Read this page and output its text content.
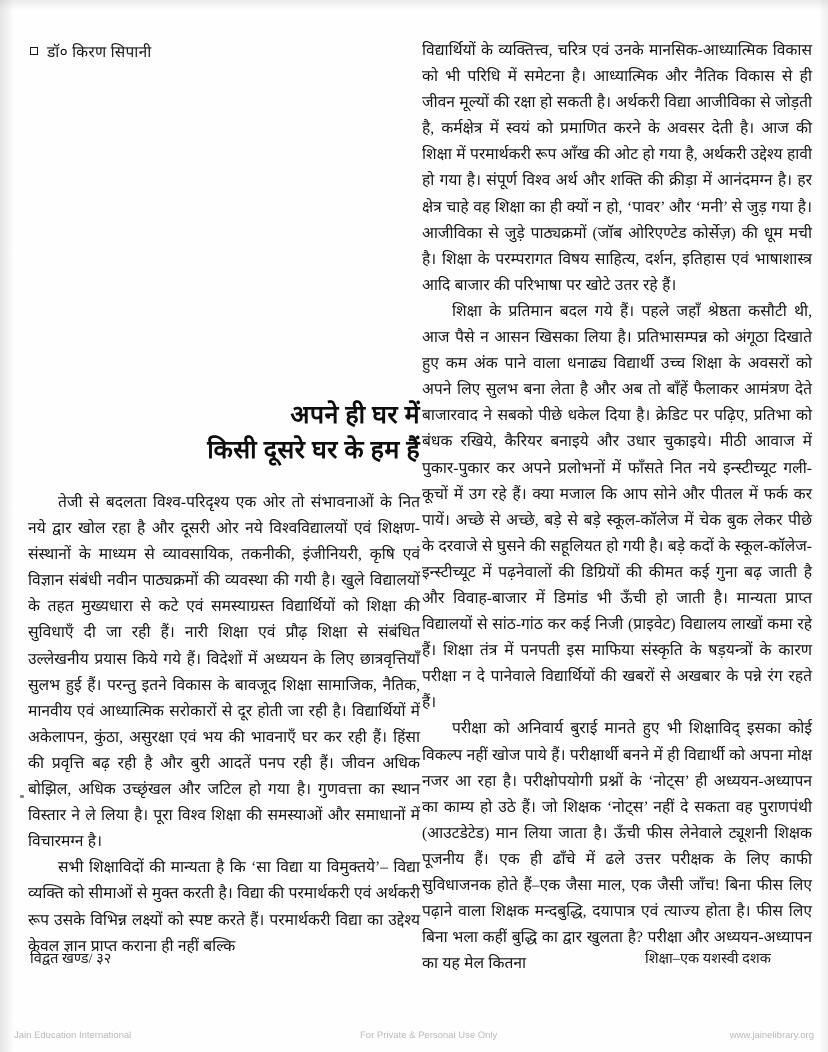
डॉ० किरण सिपानी
अपने ही घर में
किसी दूसरे घर के हम हैं

तेजी से बदलता विश्व-परिदृश्य एक ओर तो संभावनाओं के नित नये द्वार खोल रहा है और दूसरी ओर नये विश्वविद्यालयों एवं शिक्षण-संस्थानों के माध्यम से व्यावसायिक, तकनीकी, इंजीनियरी, कृषि एवं विज्ञान संबंधी नवीन पाठ्यक्रमों की व्यवस्था की गयी है। खुले विद्यालयों के तहत मुख्यधारा से कटे एवं समस्याग्रस्त विद्यार्थियों को शिक्षा की सुविधाएँ दी जा रही हैं। नारी शिक्षा एवं प्रौढ़ शिक्षा से संबंधित उल्लेखनीय प्रयास किये गये हैं। विदेशों में अध्ययन के लिए छात्रवृत्तियाँ सुलभ हुई हैं। परन्तु इतने विकास के बावजूद शिक्षा सामाजिक, नैतिक, मानवीय एवं आध्यात्मिक सरोकारों से दूर होती जा रही है। विद्यार्थियों में अकेलापन, कुंठा, असुरक्षा एवं भय की भावनाएँ घर कर रही हैं। हिंसा की प्रवृत्ति बढ़ रही है और बुरी आदतें पनप रही हैं। जीवन अधिक बोझिल, अधिक उच्छृंखल और जटिल हो गया है। गुणवत्ता का स्थान विस्तार ने ले लिया है। पूरा विश्व शिक्षा की समस्याओं और समाधानों में विचारमग्न है।

सभी शिक्षाविदों की मान्यता है कि ‘सा विद्या या विमुक्तये’– विद्या व्यक्ति को सीमाओं से मुक्त करती है। विद्या की परमार्थकरी एवं अर्थकरी रूप उसके विभिन्न लक्ष्यों को स्पष्ट करते हैं। परमार्थकरी विद्या का उद्देश्य केवल ज्ञान प्राप्त कराना ही नहीं बल्कि

विद्यार्थियों के व्यक्तित्त्व, चरित्र एवं उनके मानसिक-आध्यात्मिक विकास को भी परिधि में समेटना है। आध्यात्मिक और नैतिक विकास से ही जीवन मूल्यों की रक्षा हो सकती है। अर्थकरी विद्या आजीविका से जोड़ती है, कर्मक्षेत्र में स्वयं को प्रमाणित करने के अवसर देती है। आज की शिक्षा में परमार्थकरी रूप आँख की ओट हो गया है, अर्थकरी उद्देश्य हावी हो गया है। संपूर्ण विश्व अर्थ और शक्ति की क्रीड़ा में आनंदमग्न है। हर क्षेत्र चाहे वह शिक्षा का ही क्यों न हो, ‘पावर’ और ‘मनी’ से जुड़ गया है। आजीविका से जुड़े पाठ्यक्रमों (जॉब ओरिएण्टेड कोर्सेज़) की धूम मची है। शिक्षा के परम्परागत विषय साहित्य, दर्शन, इतिहास एवं भाषाशास्त्र आदि बाजार की परिभाषा पर खोटे उतर रहे हैं।

शिक्षा के प्रतिमान बदल गये हैं। पहले जहाँ श्रेष्ठता कसौटी थी, आज पैसे न आसन खिसका लिया है। प्रतिभासम्पन्न को अंगूठा दिखाते हुए कम अंक पाने वाला धनाढ्य विद्यार्थी उच्च शिक्षा के अवसरों को अपने लिए सुलभ बना लेता है और अब तो बाँहें फैलाकर आमंत्रण देते बाजारवाद ने सबको पीछे धकेल दिया है। क्रेडिट पर पढ़िए, प्रतिभा को बंधक रखिये, कैरियर बनाइये और उधार चुकाइये। मीठी आवाज में पुकार-पुकार कर अपने प्रलोभनों में फाँसते नित नये इन्स्टीच्यूट गली-कूचों में उग रहे हैं। क्या मजाल कि आप सोने और पीतल में फर्क कर पायें। अच्छे से अच्छे, बड़े से बड़े स्कूल-कॉलेज में चेक बुक लेकर पीछे के दरवाजे से घुसने की सहूलियत हो गयी है। बड़े कदों के स्कूल-कॉलेज-इन्स्टीच्यूट में पढ़नेवालों की डिग्रियों की कीमत कई गुना बढ़ जाती है और विवाह-बाजार में डिमांड भी ऊँची हो जाती है। मान्यता प्राप्त विद्यालयों से सांठ-गांठ कर कई निजी (प्राइवेट) विद्यालय लाखों कमा रहे हैं। शिक्षा तंत्र में पनपती इस माफिया संस्कृति के षड़यन्त्रों के कारण परीक्षा न दे पानेवाले विद्यार्थियों की खबरों से अखबार के पन्ने रंग रहते हैं।

परीक्षा को अनिवार्य बुराई मानते हुए भी शिक्षाविद् इसका कोई विकल्प नहीं खोज पाये हैं। परीक्षार्थी बनने में ही विद्यार्थी को अपना मोक्ष नजर आ रहा है। परीक्षोपयोगी प्रश्नों के ‘नोट्स’ ही अध्ययन-अध्यापन का काम्य हो उठे हैं। जो शिक्षक ‘नोट्स’ नहीं दे सकता वह पुराणपंथी (आउटडेटेड) मान लिया जाता है। ऊँची फीस लेनेवाले ट्यूशनी शिक्षक पूजनीय हैं। एक ही ढाँचे में ढले उत्तर परीक्षक के लिए काफी सुविधाजनक होते हैं–एक जैसा माल, एक जैसी जाँच! बिना फीस लिए पढ़ाने वाला शिक्षक मन्दबुद्धि, दयापात्र एवं त्याज्य होता है। फीस लिए बिना भला कहीं बुद्धि का द्वार खुलता है? परीक्षा और अध्ययन-अध्यापन का यह मेल कितना

विद्वत खण्ड/ ३२	शिक्षा–एक यशस्वी दशक
Jain Education International	For Private & Personal Use Only	www.jainelibrary.org
